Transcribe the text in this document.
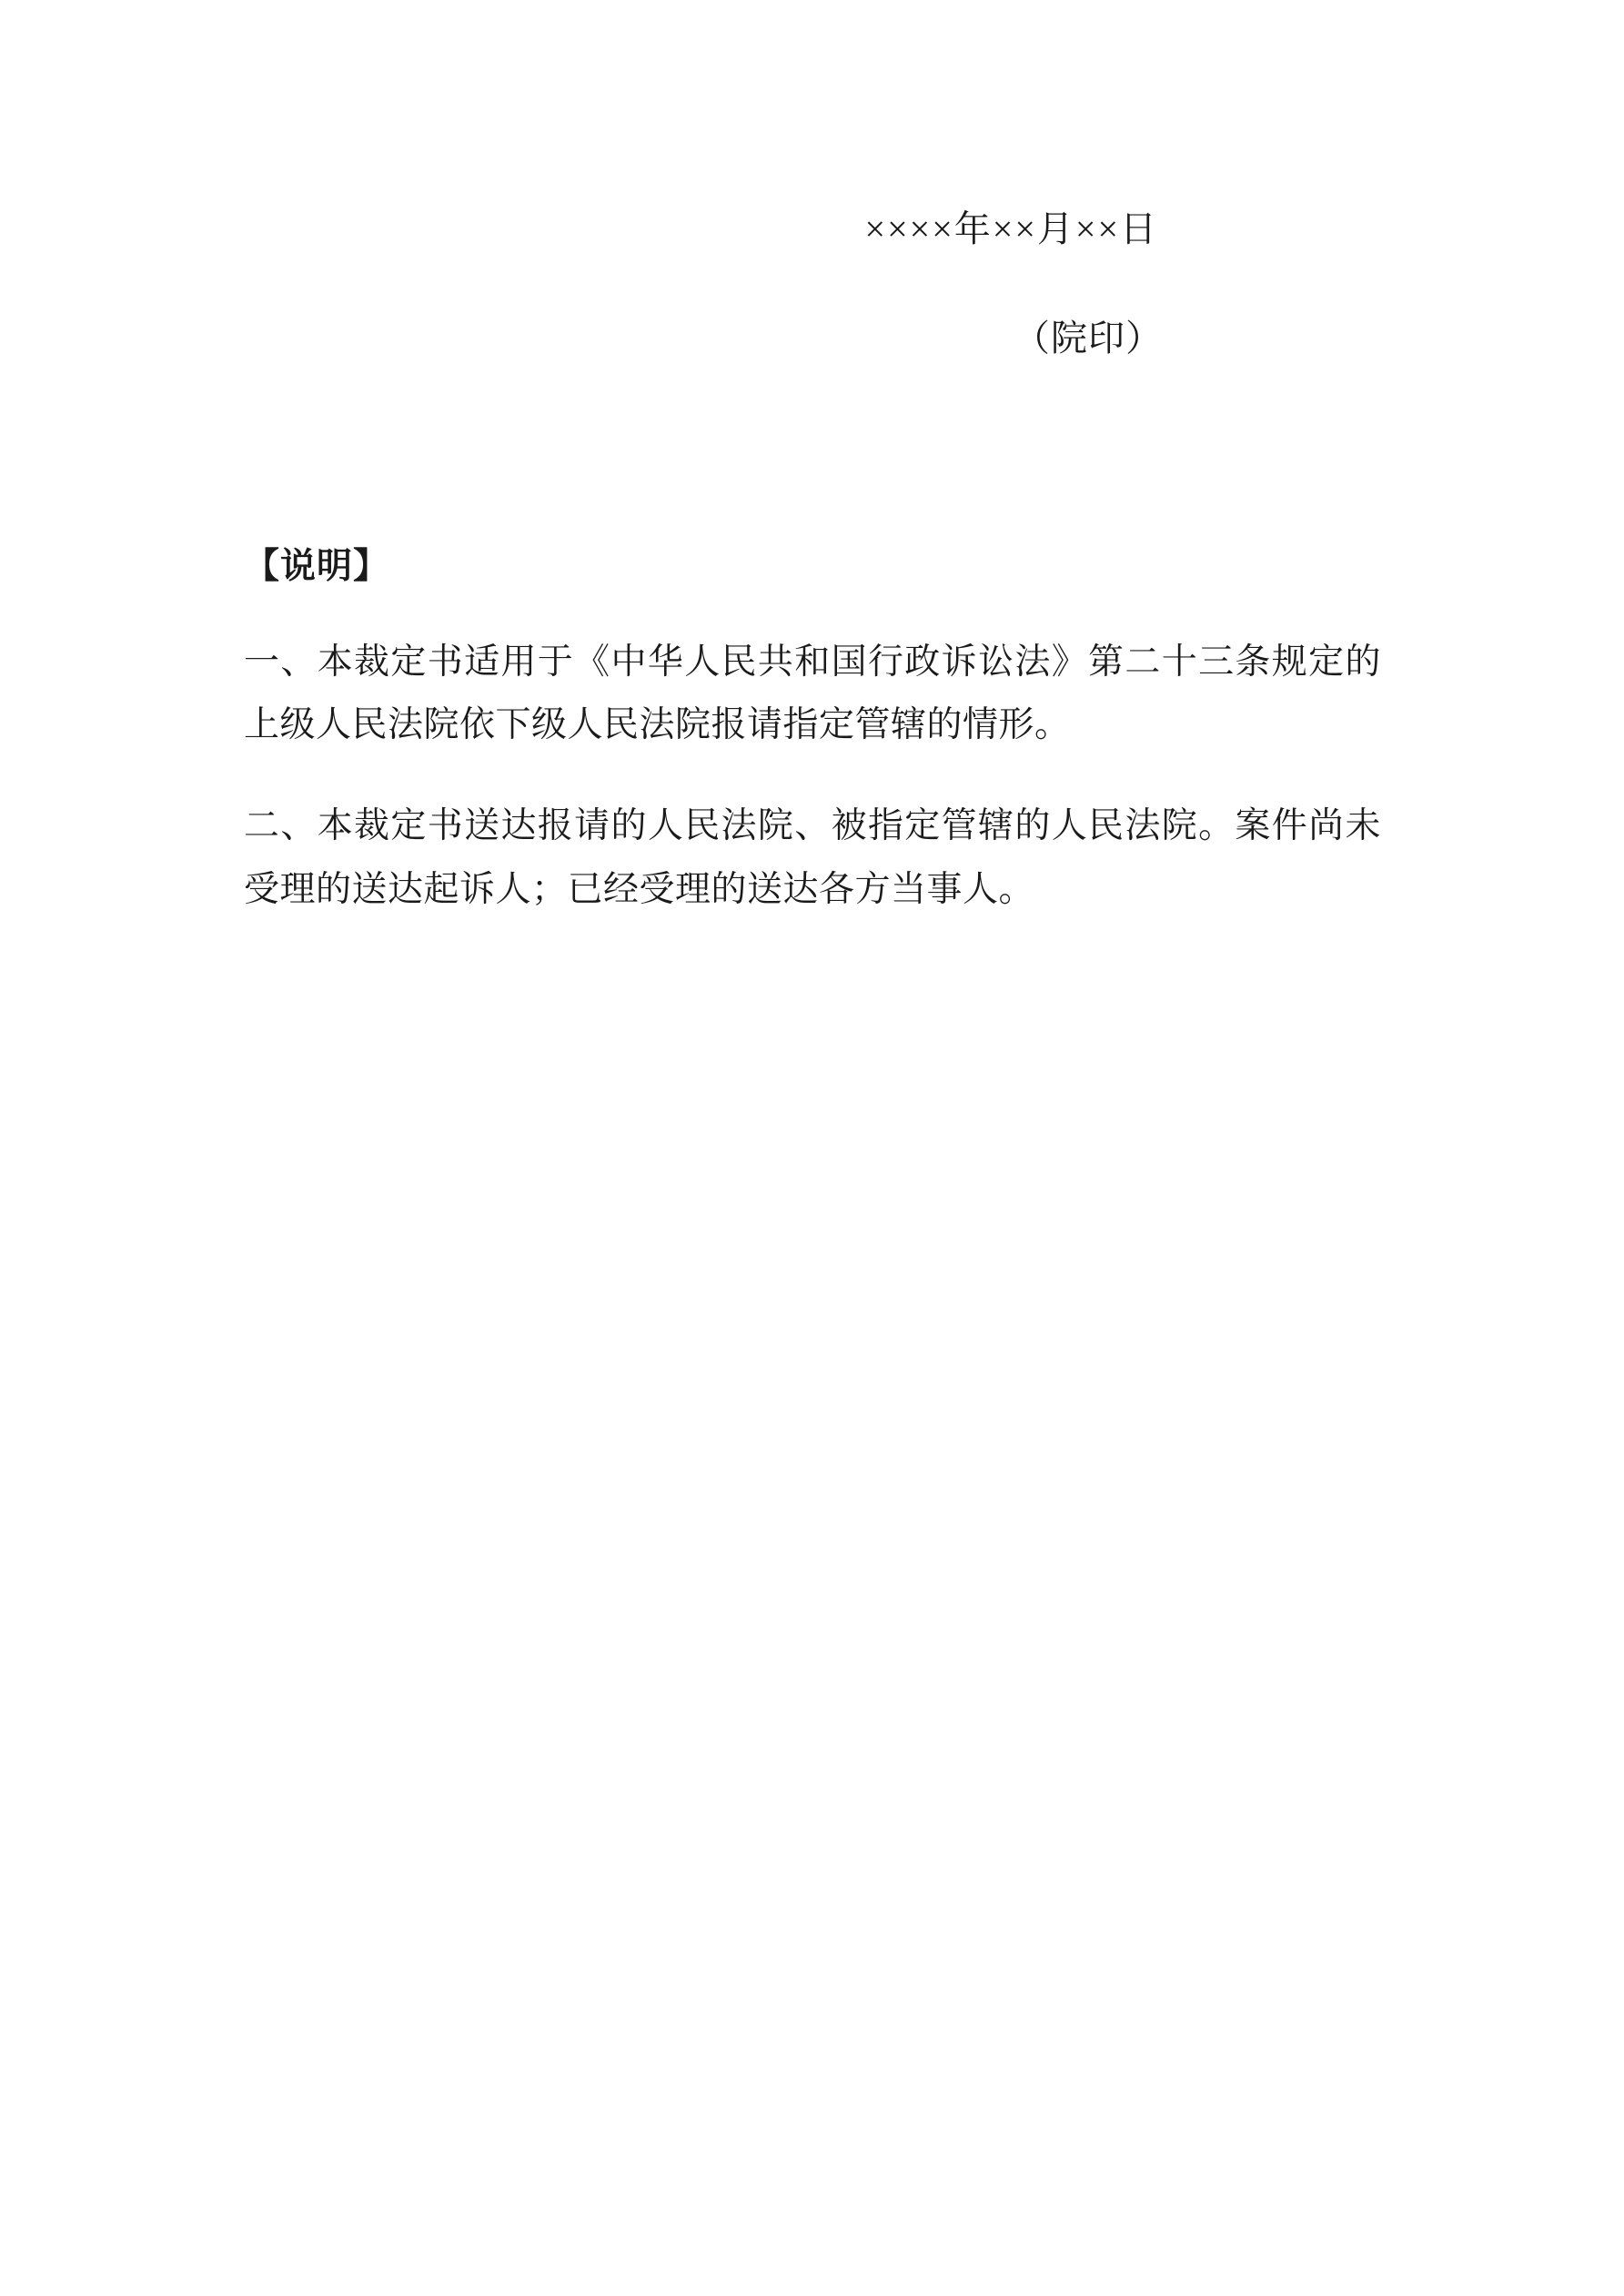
××××年××月××日
（院印）
【说明】

一、本裁定书适用于《中华人民共和国行政诉讼法》第二十三条规定的上级人民法院依下级人民法院报请指定管辖的情形。

二、本裁定书送达报请的人民法院、被指定管辖的人民法院。案件尚未受理的送达起诉人；已经受理的送达各方当事人。
